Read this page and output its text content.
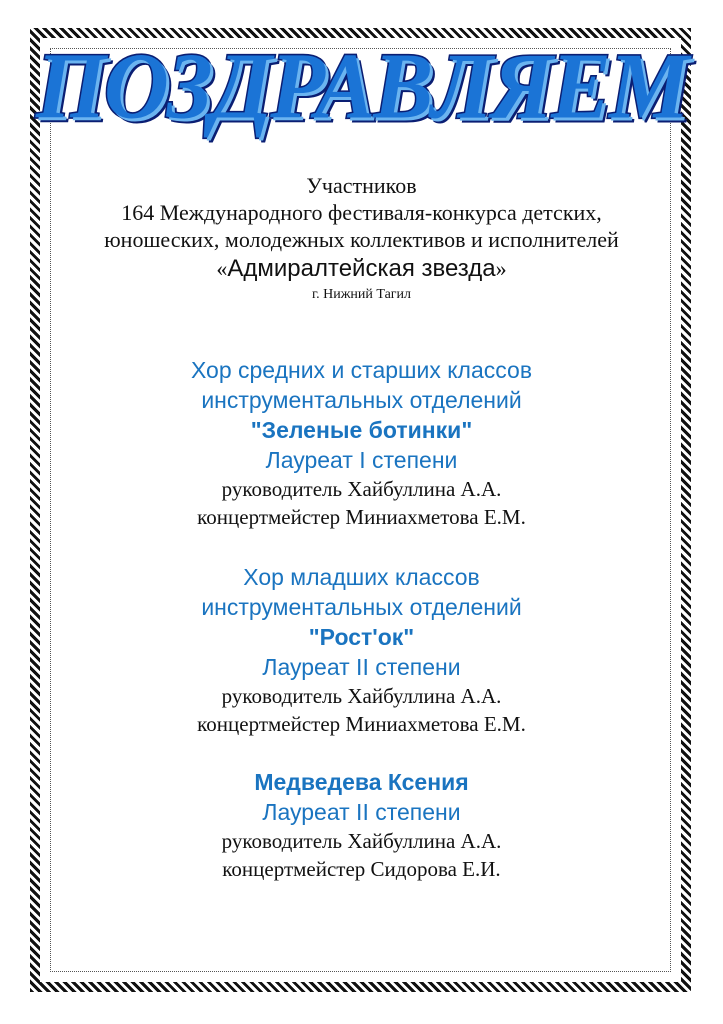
ПОЗДРАВЛЯЕМ
Участников
164 Международного фестиваля-конкурса детских,
юношеских, молодежных коллективов и исполнителей
«Адмиралтейская звезда»
г. Нижний Тагил
Хор средних и старших классов
инструментальных отделений
"Зеленые ботинки"
Лауреат I степени
руководитель Хайбуллина А.А.
концертмейстер Миниахметова Е.М.
Хор младших классов
инструментальных отделений
"Рост'ок"
Лауреат II степени
руководитель Хайбуллина А.А.
концертмейстер Миниахметова Е.М.
Медведева Ксения
Лауреат II степени
руководитель Хайбуллина А.А.
концертмейстер Сидорова Е.И.
